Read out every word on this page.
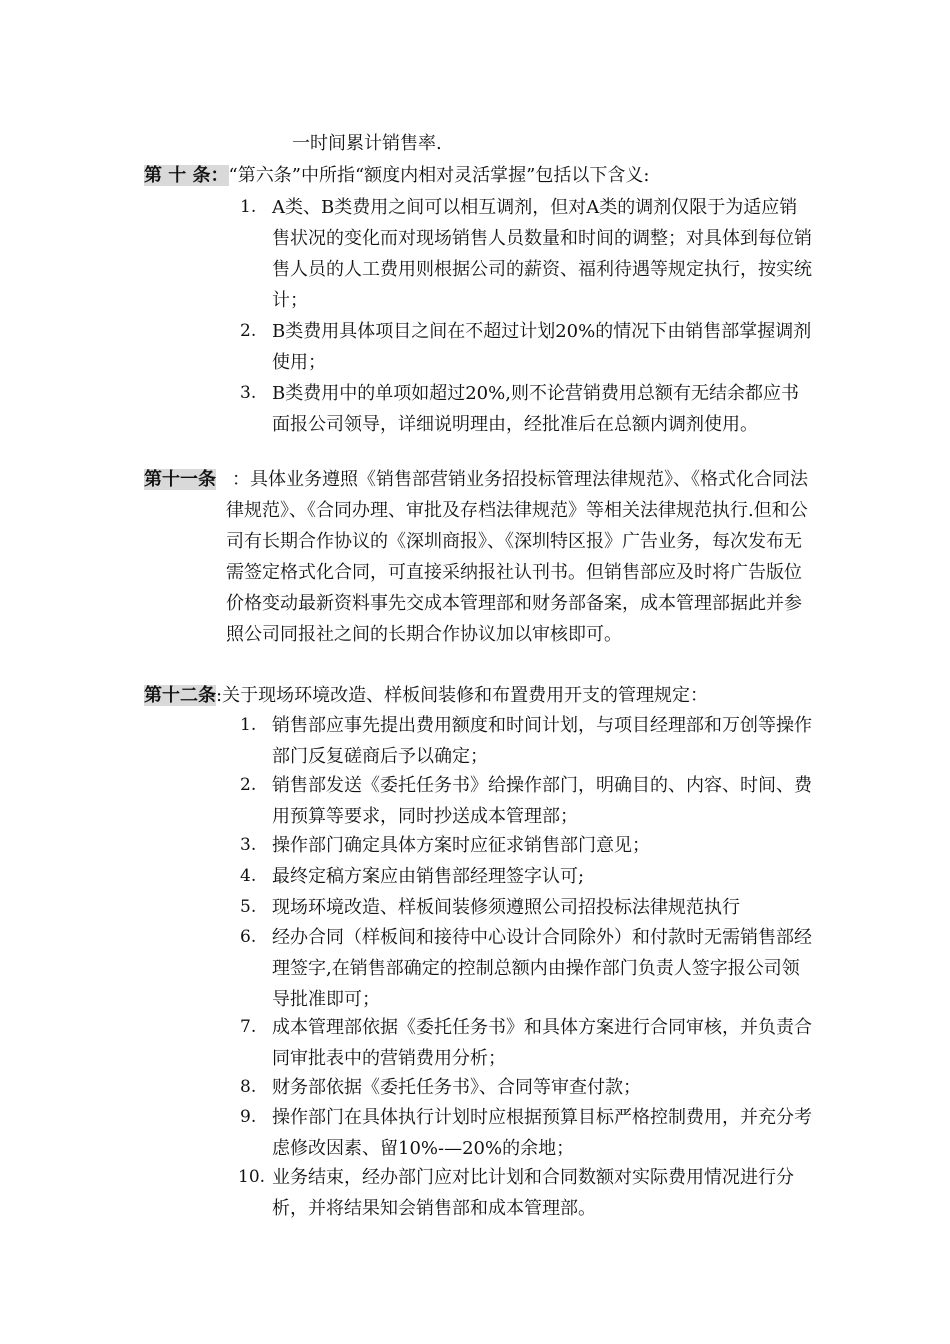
一时间累计销售率.
第 十 条：“第六条”中所指“额度内相对灵活掌握”包括以下含义:
1. A类、B类费用之间可以相互调剂，但对A类的调剂仅限于为适应销售状况的变化而对现场销售人员数量和时间的调整；对具体到每位销售人员的人工费用则根据公司的薪资、福利待遇等规定执行，按实统计；
2. B类费用具体项目之间在不超过计划20%的情况下由销售部掌握调剂使用；
3. B类费用中的单项如超过20%,则不论营销费用总额有无结余都应书面报公司领导，详细说明理由，经批准后在总额内调剂使用。
第十一条 ：具体业务遵照《销售部营销业务招投标管理法律规范》、《格式化合同法律规范》、《合同办理、审批及存档法律规范》等相关法律规范执行.但和公司有长期合作协议的《深圳商报》、《深圳特区报》广告业务，每次发布无需签定格式化合同，可直接采纳报社认刊书。但销售部应及时将广告版位价格变动最新资料事先交成本管理部和财务部备案，成本管理部据此并参照公司同报社之间的长期合作协议加以审核即可。
第十二条:关于现场环境改造、样板间装修和布置费用开支的管理规定：
1. 销售部应事先提出费用额度和时间计划，与项目经理部和万创等操作部门反复磋商后予以确定；
2. 销售部发送《委托任务书》给操作部门，明确目的、内容、时间、费用预算等要求，同时抄送成本管理部；
3. 操作部门确定具体方案时应征求销售部门意见；
4. 最终定稿方案应由销售部经理签字认可;
5. 现场环境改造、样板间装修须遵照公司招投标法律规范执行
6. 经办合同（样板间和接待中心设计合同除外）和付款时无需销售部经理签字,在销售部确定的控制总额内由操作部门负责人签字报公司领导批准即可；
7. 成本管理部依据《委托任务书》和具体方案进行合同审核，并负责合同审批表中的营销费用分析；
8. 财务部依据《委托任务书》、合同等审查付款；
9. 操作部门在具体执行计划时应根据预算目标严格控制费用，并充分考虑修改因素、留10%-—20%的余地；
10. 业务结束，经办部门应对比计划和合同数额对实际费用情况进行分析，并将结果知会销售部和成本管理部。
